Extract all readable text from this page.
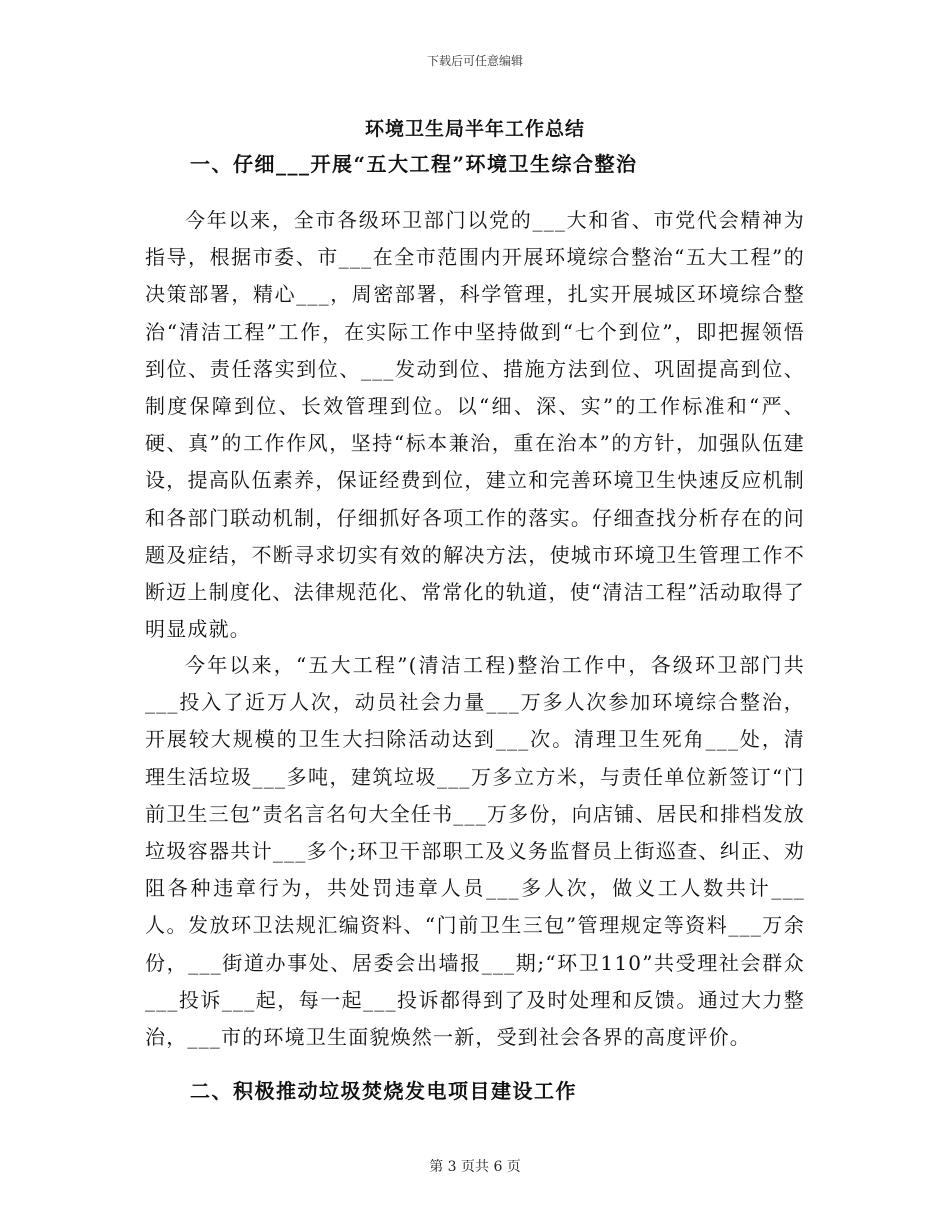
下载后可任意编辑
环境卫生局半年工作总结
一、仔细___开展“五大工程”环境卫生综合整治

今年以来，全市各级环卫部门以党的___大和省、市党代会精神为指导，根据市委、市___在全市范围内开展环境综合整治“五大工程”的决策部署，精心___，周密部署，科学管理，扎实开展城区环境综合整治“清洁工程”工作，在实际工作中坚持做到“七个到位”，即把握领悟到位、责任落实到位、___发动到位、措施方法到位、巩固提高到位、制度保障到位、长效管理到位。以“细、深、实”的工作标准和“严、硬、真”的工作作风，坚持“标本兼治，重在治本”的方针，加强队伍建设，提高队伍素养，保证经费到位，建立和完善环境卫生快速反应机制和各部门联动机制，仔细抓好各项工作的落实。仔细查找分析存在的问题及症结，不断寻求切实有效的解决方法，使城市环境卫生管理工作不断迈上制度化、法律规范化、常常化的轨道，使“清洁工程”活动取得了明显成就。

今年以来，“五大工程”(清洁工程)整治工作中，各级环卫部门共___投入了近万人次，动员社会力量___万多人次参加环境综合整治，开展较大规模的卫生大扫除活动达到___次。清理卫生死角___处，清理生活垃圾___多吨，建筑垃圾___万多立方米，与责任单位新签订“门前卫生三包”责名言名句大全任书___万多份，向店铺、居民和排档发放垃圾容器共计___多个;环卫干部职工及义务监督员上街巡查、纠正、劝阻各种违章行为，共处罚违章人员___多人次，做义工人数共计___人。发放环卫法规汇编资料、“门前卫生三包”管理规定等资料___万余份，___街道办事处、居委会出墙报___期;“环卫110”共受理社会群众___投诉___起，每一起___投诉都得到了及时处理和反馈。通过大力整治，___市的环境卫生面貌焕然一新，受到社会各界的高度评价。

二、积极推动垃圾焚烧发电项目建设工作
第 3 页共 6 页
